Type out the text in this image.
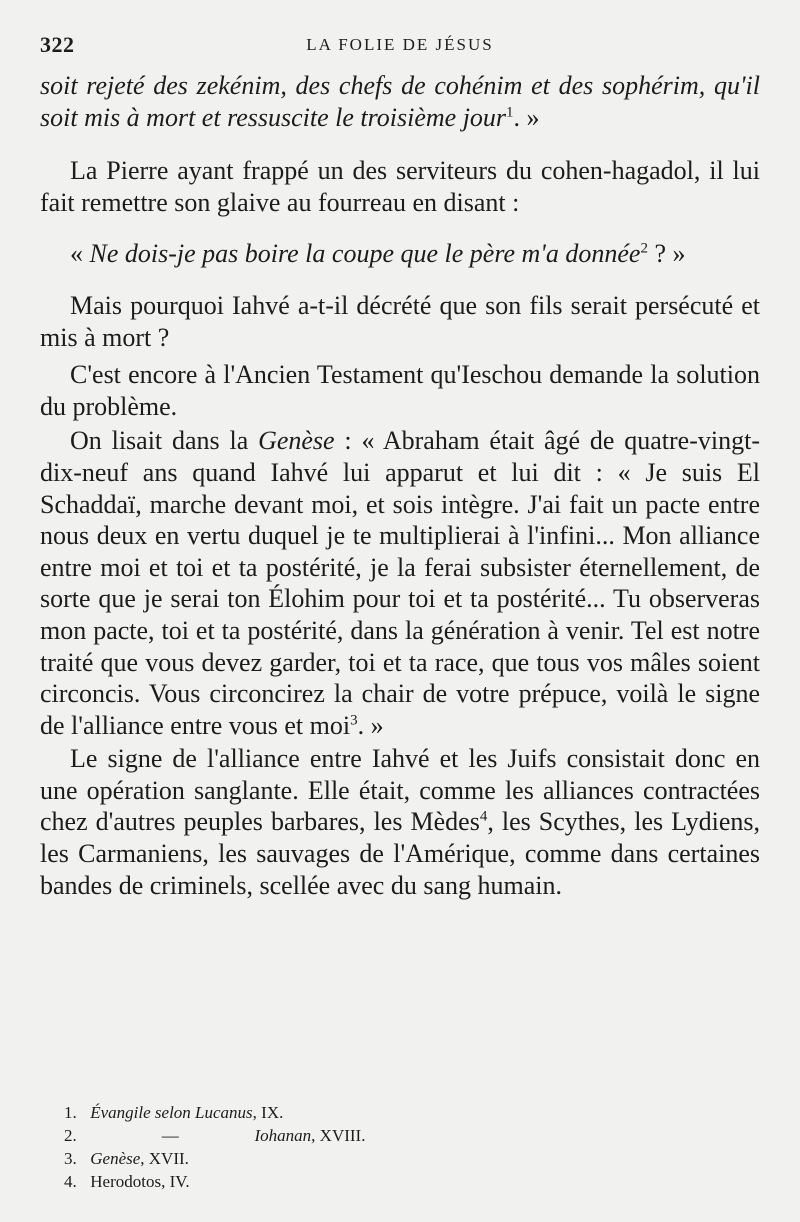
322	LA FOLIE DE JÉSUS

soit rejeté des zekénim, des chefs de cohénim et des sophérim, qu'il soit mis à mort et ressuscite le troisième jour$^1$. »

La Pierre ayant frappé un des serviteurs du cohen-hagadol, il lui fait remettre son glaive au fourreau en disant :

« Ne dois-je pas boire la coupe que le père m'a donnée$^2$ ? »

Mais pourquoi Iahvé a-t-il décrété que son fils serait persécuté et mis à mort ?

C'est encore à l'Ancien Testament qu'Ieschou demande la solution du problème.

On lisait dans la Genèse : « Abraham était âgé de quatre-vingt-dix-neuf ans quand Iahvé lui apparut et lui dit : « Je suis El Schaddaï, marche devant moi, et sois intègre. J'ai fait un pacte entre nous deux en vertu duquel je te multiplierai à l'infini... Mon alliance entre moi et toi et ta postérité, je la ferai subsister éternellement, de sorte que je serai ton Élohim pour toi et ta postérité... Tu observeras mon pacte, toi et ta postérité, dans la génération à venir. Tel est notre traité que vous devez garder, toi et ta race, que tous vos mâles soient circoncis. Vous circoncirez la chair de votre prépuce, voilà le signe de l'alliance entre vous et moi$^3$. »

Le signe de l'alliance entre Iahvé et les Juifs consistait donc en une opération sanglante. Elle était, comme les alliances contractées chez d'autres peuples barbares, les Mèdes$^4$, les Scythes, les Lydiens, les Carmaniens, les sauvages de l'Amérique, comme dans certaines bandes de criminels, scellée avec du sang humain.

1. Évangile selon Lucanus, IX.
2.	—	Iohanan, XVIII.
3. Genèse, XVII.
4. Herodotos, IV.
